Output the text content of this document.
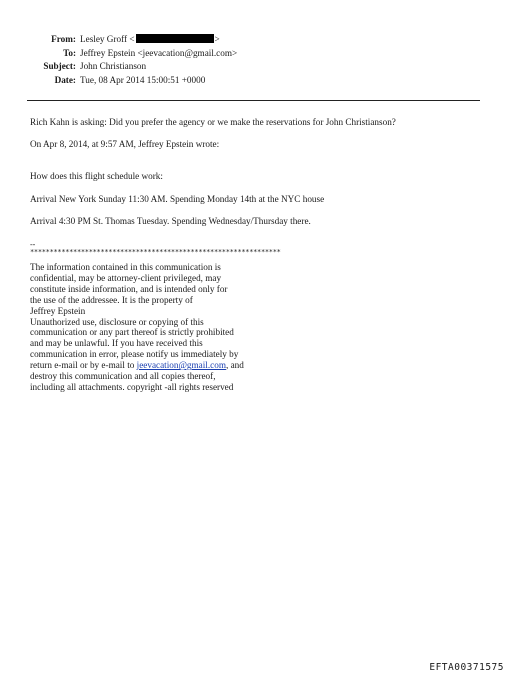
From: Lesley Groff <	>
To: Jeffrey Epstein <jeevacation@gmail.com>
Subject: John Christianson
Date: Tue, 08 Apr 2014 15:00:51 +0000
Rich Kahn is asking: Did you prefer the agency or we make the reservations for John Christianson?
On Apr 8, 2014, at 9:57 AM, Jeffrey Epstein wrote:
How does this flight schedule work:
Arrival New York Sunday 11:30 AM. Spending Monday 14th at the NYC house
Arrival 4:30 PM St. Thomas Tuesday. Spending Wednesday/Thursday there.
--
****************************************************************
The information contained in this communication is
confidential, may be attorney-client privileged, may
constitute inside information, and is intended only for
the use of the addressee. It is the property of
Jeffrey Epstein
Unauthorized use, disclosure or copying of this
communication or any part thereof is strictly prohibited
and may be unlawful. If you have received this
communication in error, please notify us immediately by
return e-mail or by e-mail to jeevacation@gmail.com, and
destroy this communication and all copies thereof,
including all attachments. copyright -all rights reserved
EFTA00371575
